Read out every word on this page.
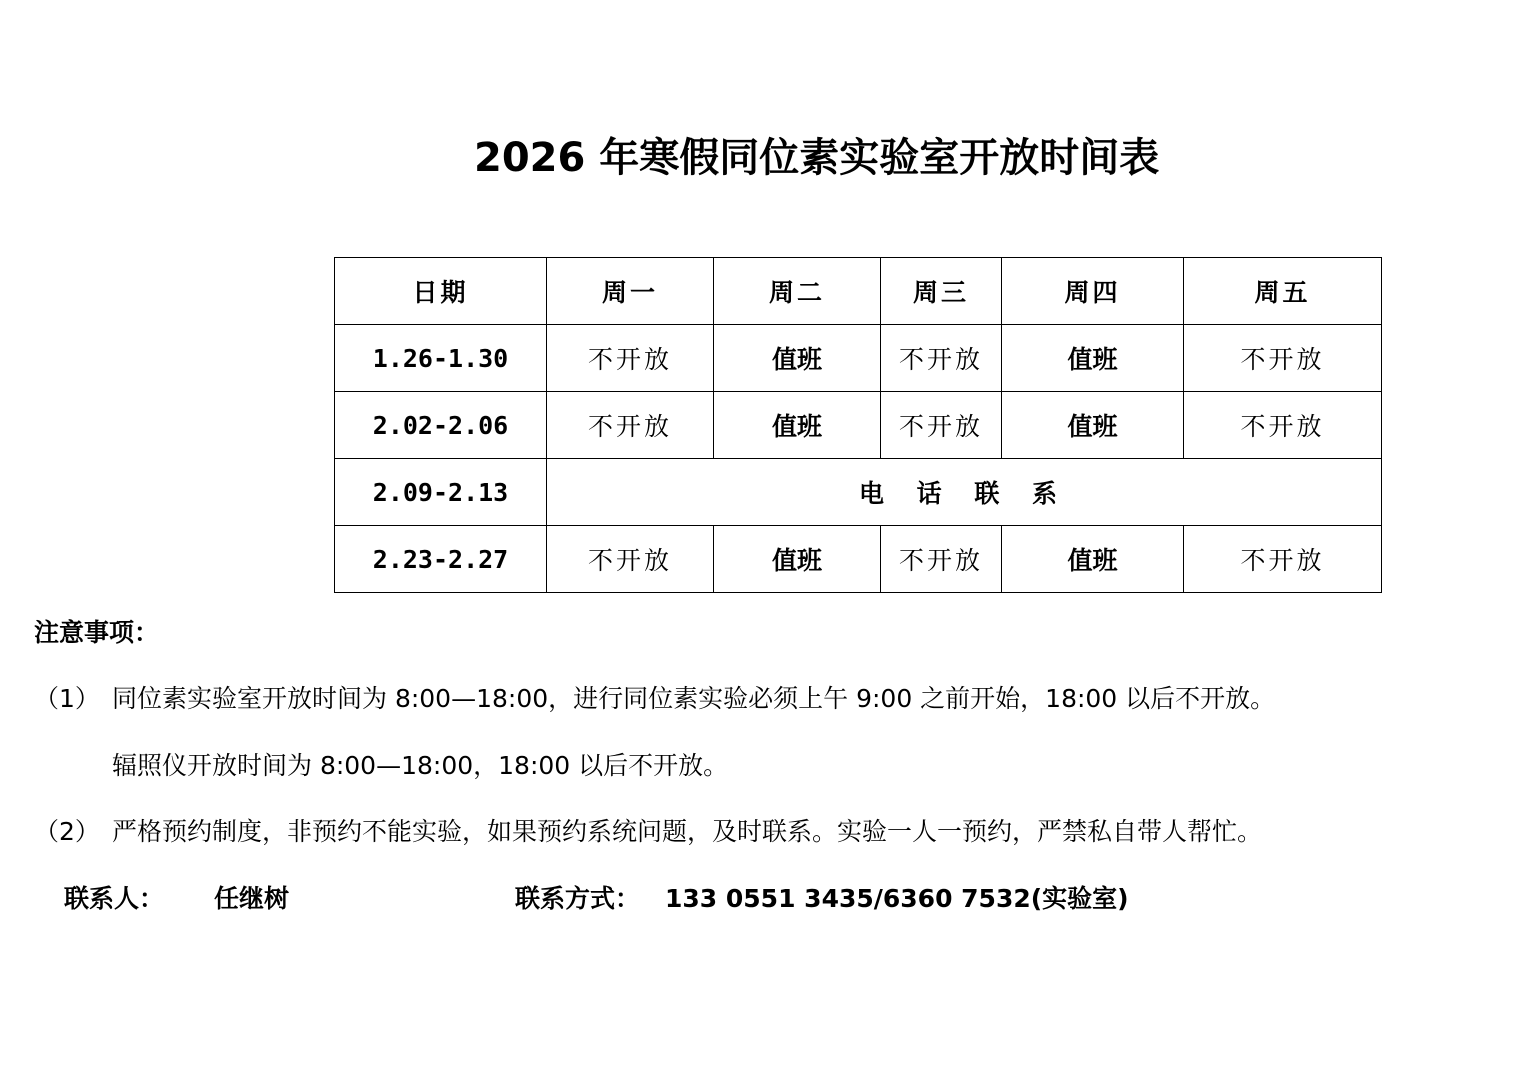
2026 年寒假同位素实验室开放时间表
日期	周一	周二	周三	周四	周五
1.26-1.30	不开放	值班	不开放	值班	不开放
2.02-2.06	不开放	值班	不开放	值班	不开放
2.09-2.13	电 话 联 系				
2.23-2.27	不开放	值班	不开放	值班	不开放
注意事项：
（1） 同位素实验室开放时间为 8:00—18:00，进行同位素实验必须上午 9:00 之前开始，18:00 以后不开放。
辐照仪开放时间为 8:00—18:00，18:00 以后不开放。
（2） 严格预约制度，非预约不能实验，如果预约系统问题，及时联系。实验一人一预约，严禁私自带人帮忙。
联系人： 任继树	联系方式： 133 0551 3435/6360 7532(实验室)
